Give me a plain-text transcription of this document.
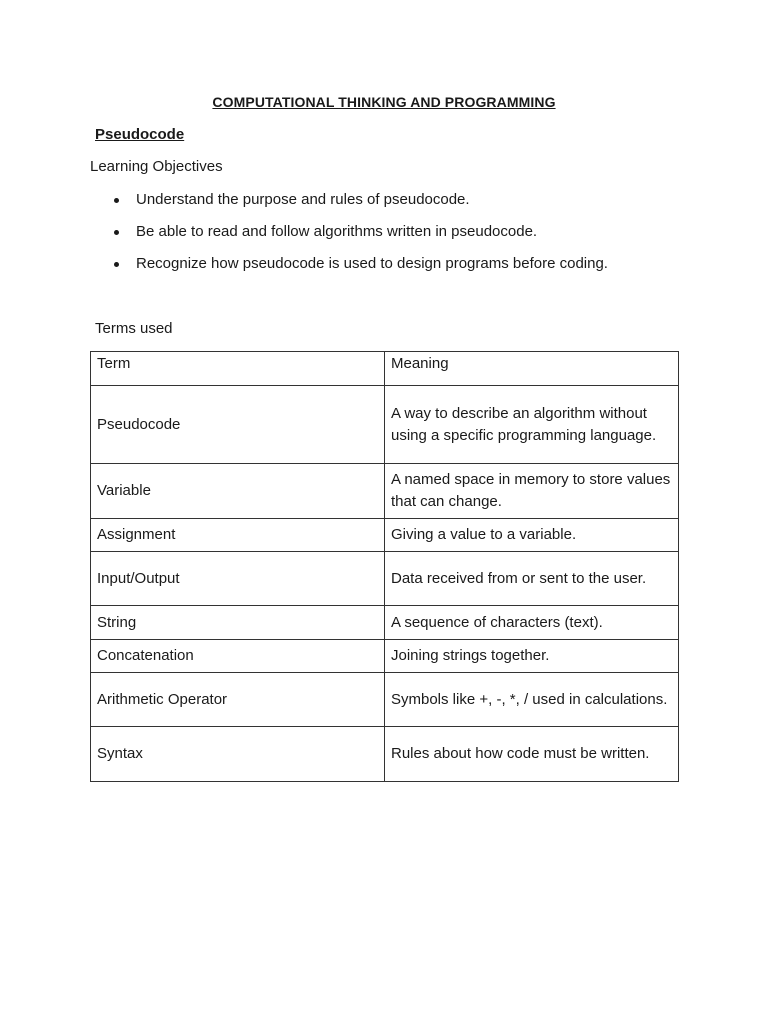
COMPUTATIONAL THINKING AND PROGRAMMING
Pseudocode
Learning Objectives
Understand the purpose and rules of pseudocode.
Be able to read and follow algorithms written in pseudocode.
Recognize how pseudocode is used to design programs before coding.
Terms used
Term	Meaning
Pseudocode	A way to describe an algorithm without using a specific programming language.
Variable	A named space in memory to store values that can change.
Assignment	Giving a value to a variable.
Input/Output	Data received from or sent to the user.
String	A sequence of characters (text).
Concatenation	Joining strings together.
Arithmetic Operator	Symbols like +, -, *, / used in calculations.
Syntax	Rules about how code must be written.
